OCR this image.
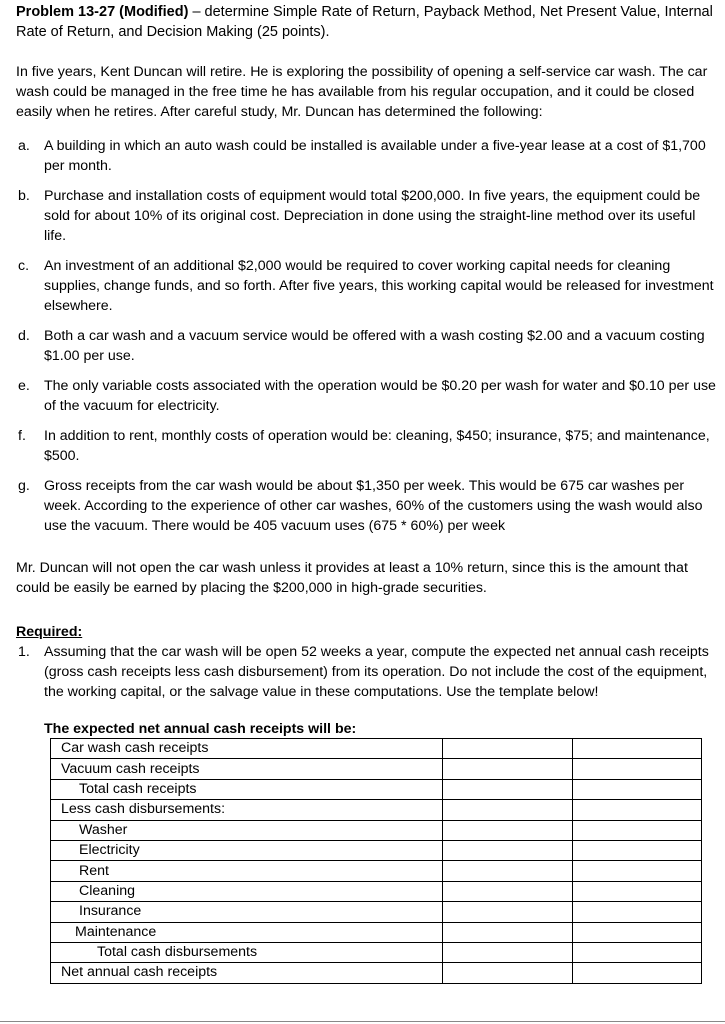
Problem 13-27 (Modified) – determine Simple Rate of Return, Payback Method, Net Present Value, Internal Rate of Return, and Decision Making (25 points).

In five years, Kent Duncan will retire. He is exploring the possibility of opening a self-service car wash. The car wash could be managed in the free time he has available from his regular occupation, and it could be closed easily when he retires. After careful study, Mr. Duncan has determined the following:

a. A building in which an auto wash could be installed is available under a five-year lease at a cost of $1,700 per month.
b. Purchase and installation costs of equipment would total $200,000. In five years, the equipment could be sold for about 10% of its original cost. Depreciation in done using the straight-line method over its useful life.
c. An investment of an additional $2,000 would be required to cover working capital needs for cleaning supplies, change funds, and so forth. After five years, this working capital would be released for investment elsewhere.
d. Both a car wash and a vacuum service would be offered with a wash costing $2.00 and a vacuum costing $1.00 per use.
e. The only variable costs associated with the operation would be $0.20 per wash for water and $0.10 per use of the vacuum for electricity.
f. In addition to rent, monthly costs of operation would be: cleaning, $450; insurance, $75; and maintenance, $500.
g. Gross receipts from the car wash would be about $1,350 per week. This would be 675 car washes per week. According to the experience of other car washes, 60% of the customers using the wash would also use the vacuum. There would be 405 vacuum uses (675 * 60%) per week

Mr. Duncan will not open the car wash unless it provides at least a 10% return, since this is the amount that could be easily be earned by placing the $200,000 in high-grade securities.

Required:

1. Assuming that the car wash will be open 52 weeks a year, compute the expected net annual cash receipts (gross cash receipts less cash disbursement) from its operation. Do not include the cost of the equipment, the working capital, or the salvage value in these computations. Use the template below!

The expected net annual cash receipts will be:

Car wash cash receipts		
Vacuum cash receipts		
Total cash receipts		
Less cash disbursements:		
Washer		
Electricity		
Rent		
Cleaning		
Insurance		
Maintenance		
Total cash disbursements		
Net annual cash receipts		
